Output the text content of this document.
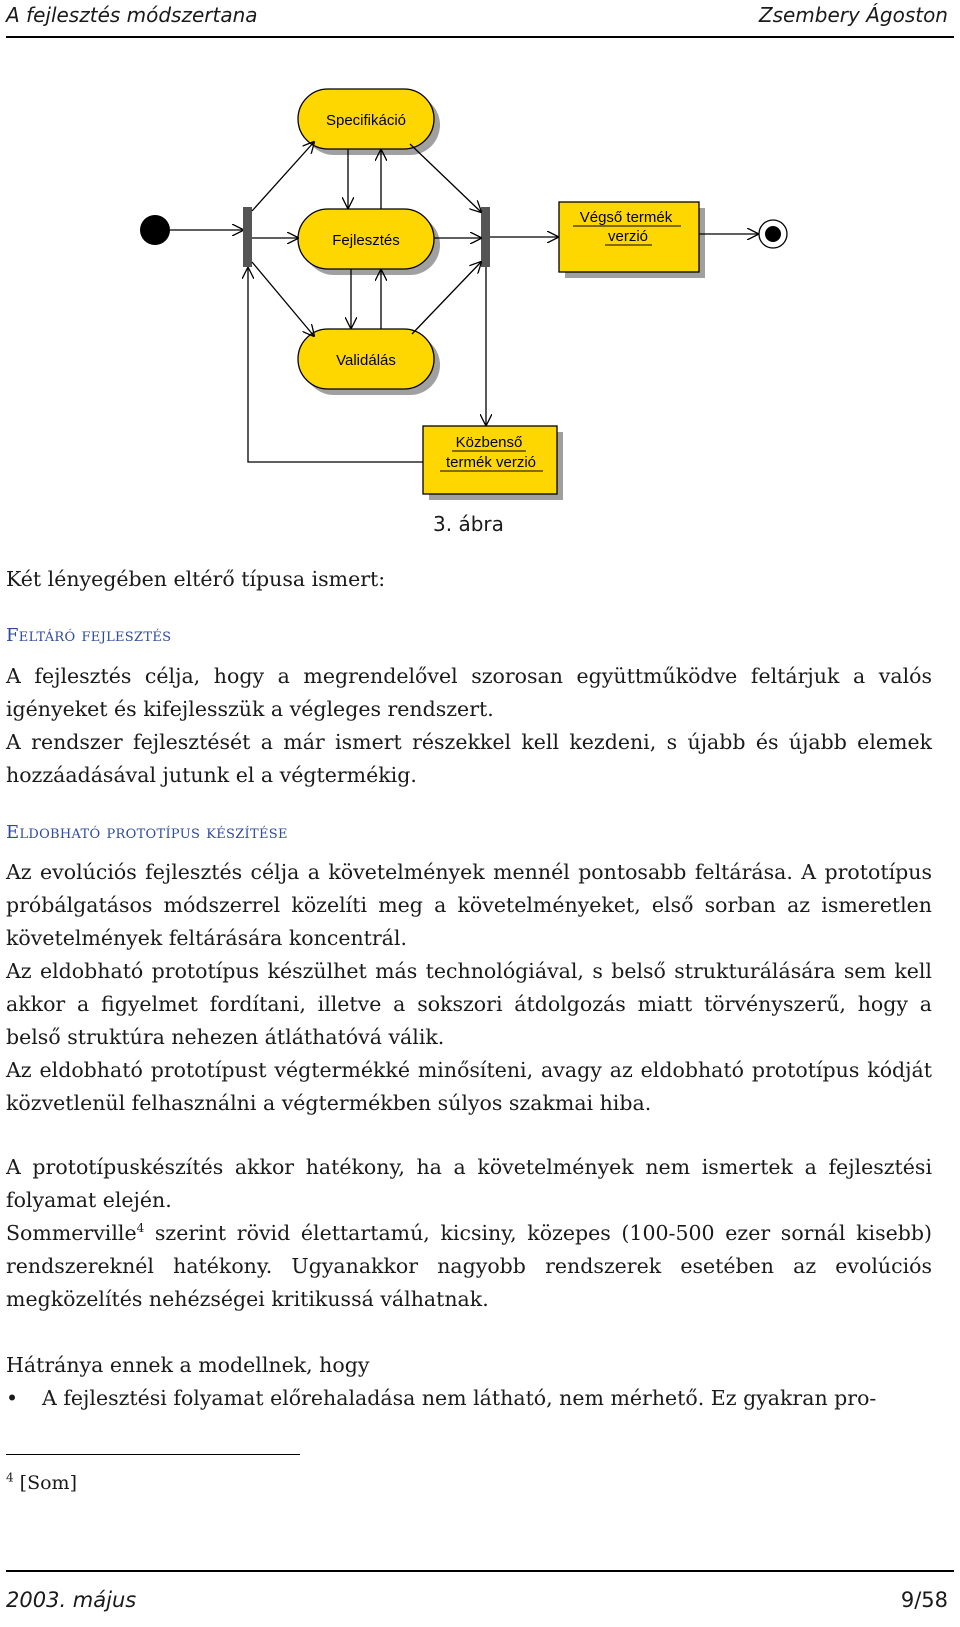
A fejlesztés módszertana	Zsembery Ágoston
Specifikáció
Fejlesztés
Validálás
Végső termék
verzió
Közbenső
termék verzió
3. ábra
Két lényegében eltérő típusa ismert:
Feltáró fejlesztés

A fejlesztés célja, hogy a megrendelővel szorosan együttműködve feltárjuk a valós igényeket és kifejlesszük a végleges rendszert.

A rendszer fejlesztését a már ismert részekkel kell kezdeni, s újabb és újabb elemek hozzáadásával jutunk el a végtermékig.

Eldobható prototípus készítése

Az evolúciós fejlesztés célja a követelmények mennél pontosabb feltárása. A prototípus próbálgatásos módszerrel közelíti meg a követelményeket, első sorban az ismeretlen követelmények feltárására koncentrál.

Az eldobható prototípus készülhet más technológiával, s belső strukturálására sem kell akkor a figyelmet fordítani, illetve a sokszori átdolgozás miatt törvényszerű, hogy a belső struktúra nehezen átláthatóvá válik.

Az eldobható prototípust végtermékké minősíteni, avagy az eldobható prototípus kódját közvetlenül felhasználni a végtermékben súlyos szakmai hiba.

A prototípuskészítés akkor hatékony, ha a követelmények nem ismertek a fejlesztési folyamat elején.

Sommerville$^4$ szerint rövid élettartamú, kicsiny, közepes (100-500 ezer sornál kisebb) rendszereknél hatékony. Ugyanakkor nagyobb rendszerek esetében az evolúciós megközelítés nehézségei kritikussá válhatnak.

Hátránya ennek a modellnek, hogy
•	A fejlesztési folyamat előrehaladása nem látható, nem mérhető. Ez gyakran pro-
$^4$ [Som]
2003. május	9/58
